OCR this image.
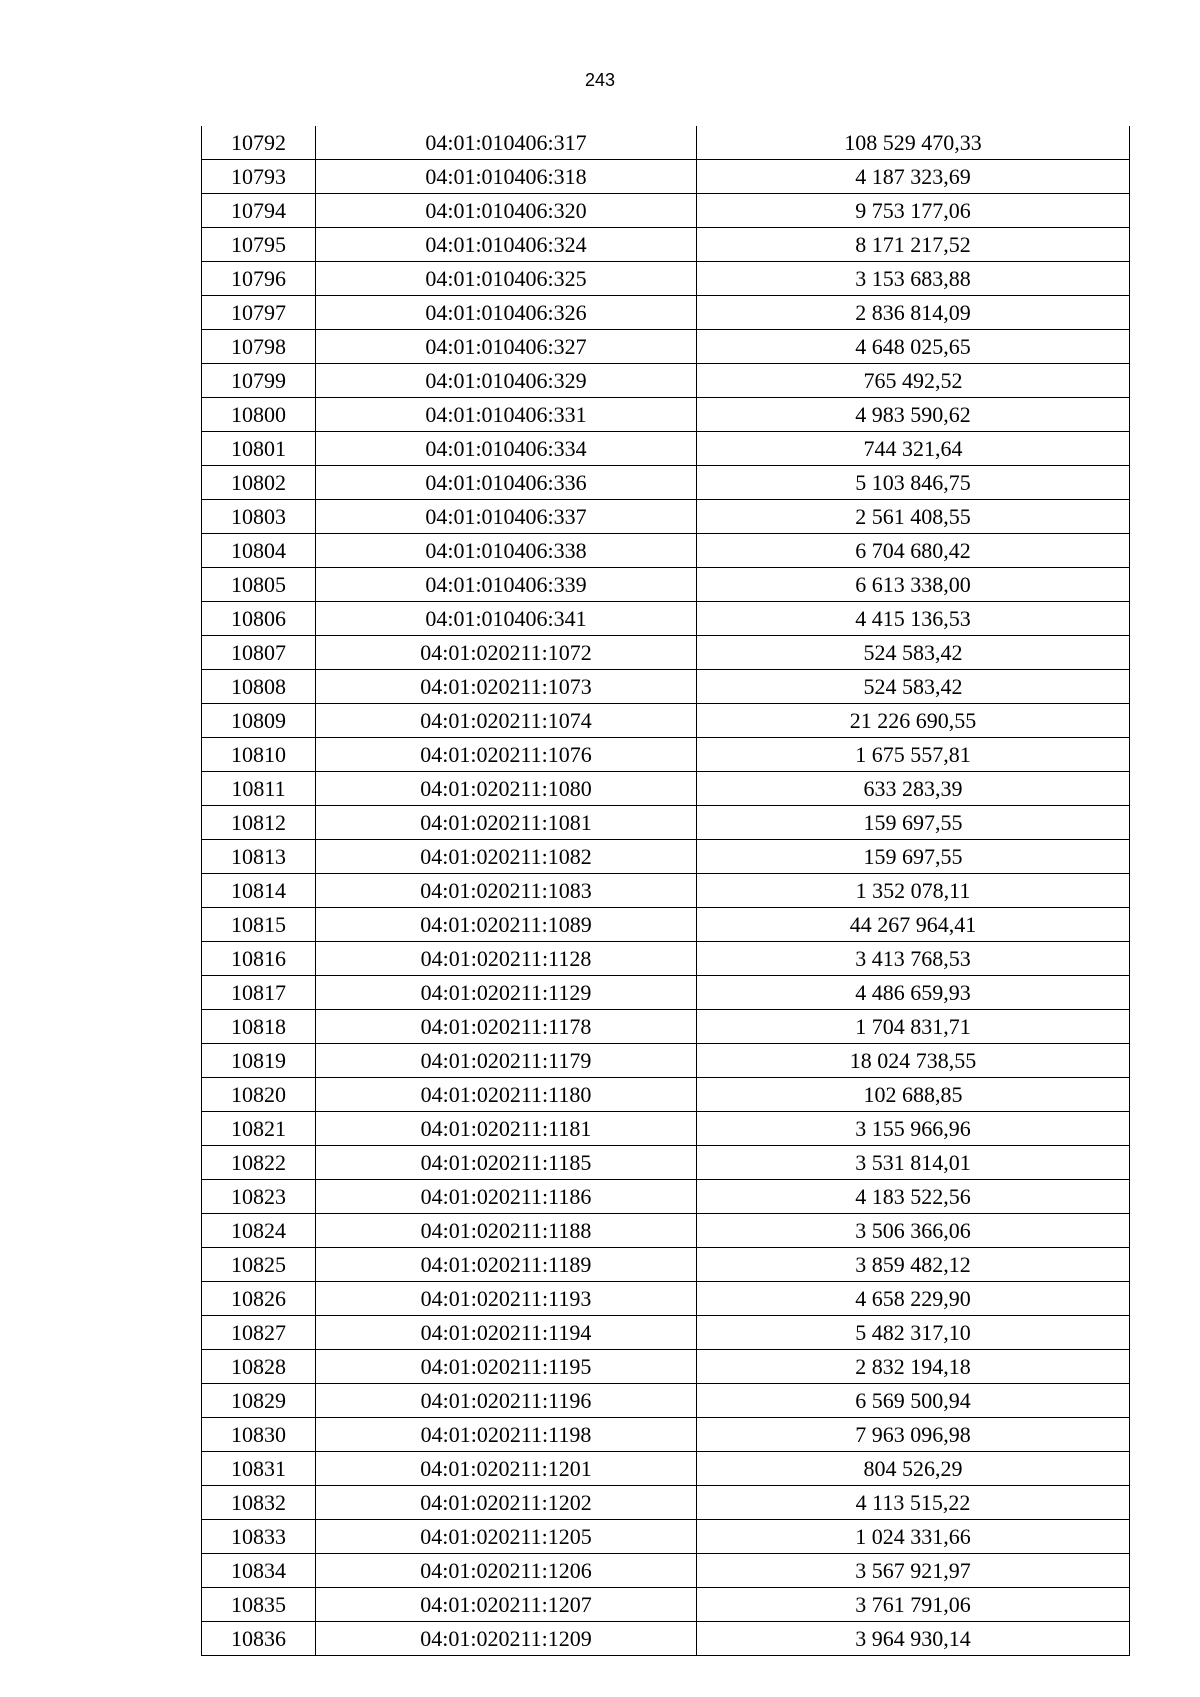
243
10792	04:01:010406:317	108 529 470,33
10793	04:01:010406:318	4 187 323,69
10794	04:01:010406:320	9 753 177,06
10795	04:01:010406:324	8 171 217,52
10796	04:01:010406:325	3 153 683,88
10797	04:01:010406:326	2 836 814,09
10798	04:01:010406:327	4 648 025,65
10799	04:01:010406:329	765 492,52
10800	04:01:010406:331	4 983 590,62
10801	04:01:010406:334	744 321,64
10802	04:01:010406:336	5 103 846,75
10803	04:01:010406:337	2 561 408,55
10804	04:01:010406:338	6 704 680,42
10805	04:01:010406:339	6 613 338,00
10806	04:01:010406:341	4 415 136,53
10807	04:01:020211:1072	524 583,42
10808	04:01:020211:1073	524 583,42
10809	04:01:020211:1074	21 226 690,55
10810	04:01:020211:1076	1 675 557,81
10811	04:01:020211:1080	633 283,39
10812	04:01:020211:1081	159 697,55
10813	04:01:020211:1082	159 697,55
10814	04:01:020211:1083	1 352 078,11
10815	04:01:020211:1089	44 267 964,41
10816	04:01:020211:1128	3 413 768,53
10817	04:01:020211:1129	4 486 659,93
10818	04:01:020211:1178	1 704 831,71
10819	04:01:020211:1179	18 024 738,55
10820	04:01:020211:1180	102 688,85
10821	04:01:020211:1181	3 155 966,96
10822	04:01:020211:1185	3 531 814,01
10823	04:01:020211:1186	4 183 522,56
10824	04:01:020211:1188	3 506 366,06
10825	04:01:020211:1189	3 859 482,12
10826	04:01:020211:1193	4 658 229,90
10827	04:01:020211:1194	5 482 317,10
10828	04:01:020211:1195	2 832 194,18
10829	04:01:020211:1196	6 569 500,94
10830	04:01:020211:1198	7 963 096,98
10831	04:01:020211:1201	804 526,29
10832	04:01:020211:1202	4 113 515,22
10833	04:01:020211:1205	1 024 331,66
10834	04:01:020211:1206	3 567 921,97
10835	04:01:020211:1207	3 761 791,06
10836	04:01:020211:1209	3 964 930,14
